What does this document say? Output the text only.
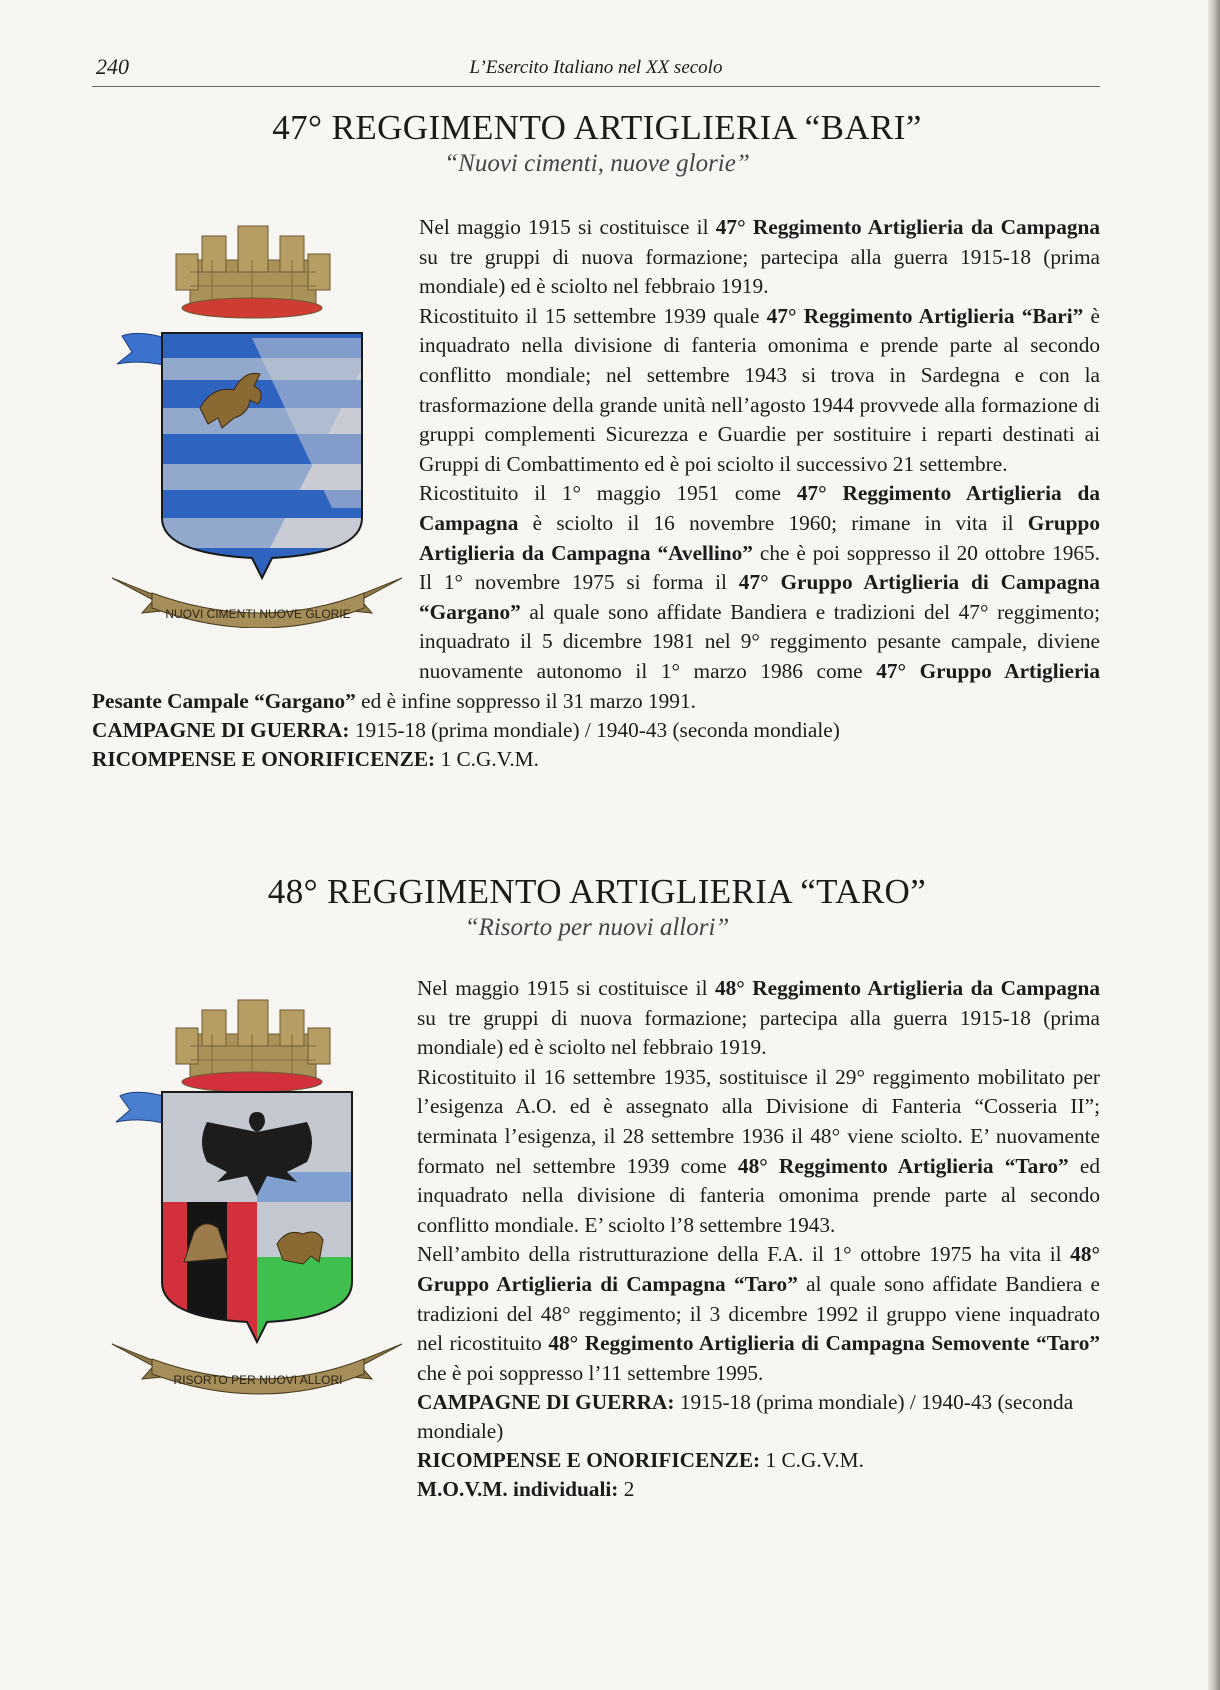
240	L’Esercito Italiano nel XX secolo
47° REGGIMENTO ARTIGLIERIA “BARI”
“Nuovi cimenti, nuove glorie”
NUOVI CIMENTI NUOVE GLORIE

Nel maggio 1915 si costituisce il 47° Reggimento Artiglieria da Campagna su tre gruppi di nuova formazione; partecipa alla guerra 1915-18 (prima mondiale) ed è sciolto nel febbraio 1919.

Ricostituito il 15 settembre 1939 quale 47° Reggimento Artiglieria “Bari” è inquadrato nella divisione di fanteria omonima e prende parte al secondo conflitto mondiale; nel settembre 1943 si trova in Sardegna e con la trasformazione della grande unità nell’agosto 1944 provvede alla formazione di gruppi complementi Sicurezza e Guardie per sostituire i reparti destinati ai Gruppi di Combattimento ed è poi sciolto il successivo 21 settembre.

Ricostituito il 1° maggio 1951 come 47° Reggimento Artiglieria da Campagna è sciolto il 16 novembre 1960; rimane in vita il Gruppo Artiglieria da Campagna “Avellino” che è poi soppresso il 20 ottobre 1965. Il 1° novembre 1975 si forma il 47° Gruppo Artiglieria di Campagna “Gargano” al quale sono affidate Bandiera e tradizioni del 47° reggimento; inquadrato il 5 dicembre 1981 nel 9° reggimento pesante campale, diviene nuovamente autonomo il 1° marzo 1986 come 47° Gruppo Artiglieria Pesante Campale “Gargano” ed è infine soppresso il 31 marzo 1991.

CAMPAGNE DI GUERRA: 1915-18 (prima mondiale) / 1940-43 (seconda mondiale)
RICOMPENSE E ONORIFICENZE: 1 C.G.V.M.
48° REGGIMENTO ARTIGLIERIA “TARO”
“Risorto per nuovi allori”
RISORTO PER NUOVI ALLORI

Nel maggio 1915 si costituisce il 48° Reggimento Artiglieria da Campagna su tre gruppi di nuova formazione; partecipa alla guerra 1915-18 (prima mondiale) ed è sciolto nel febbraio 1919.

Ricostituito il 16 settembre 1935, sostituisce il 29° reggimento mobilitato per l’esigenza A.O. ed è assegnato alla Divisione di Fanteria “Cosseria II”; terminata l’esigenza, il 28 settembre 1936 il 48° viene sciolto. E’ nuovamente formato nel settembre 1939 come 48° Reggimento Artiglieria “Taro” ed inquadrato nella divisione di fanteria omonima prende parte al secondo conflitto mondiale. E’ sciolto l’8 settembre 1943.

Nell’ambito della ristrutturazione della F.A. il 1° ottobre 1975 ha vita il 48° Gruppo Artiglieria di Campagna “Taro” al quale sono affidate Bandiera e tradizioni del 48° reggimento; il 3 dicembre 1992 il gruppo viene inquadrato nel ricostituito 48° Reggimento Artiglieria di Campagna Semovente “Taro” che è poi soppresso l’11 settembre 1995.

CAMPAGNE DI GUERRA: 1915-18 (prima mondiale) / 1940-43 (seconda mondiale)
RICOMPENSE E ONORIFICENZE: 1 C.G.V.M.
M.O.V.M. individuali: 2
